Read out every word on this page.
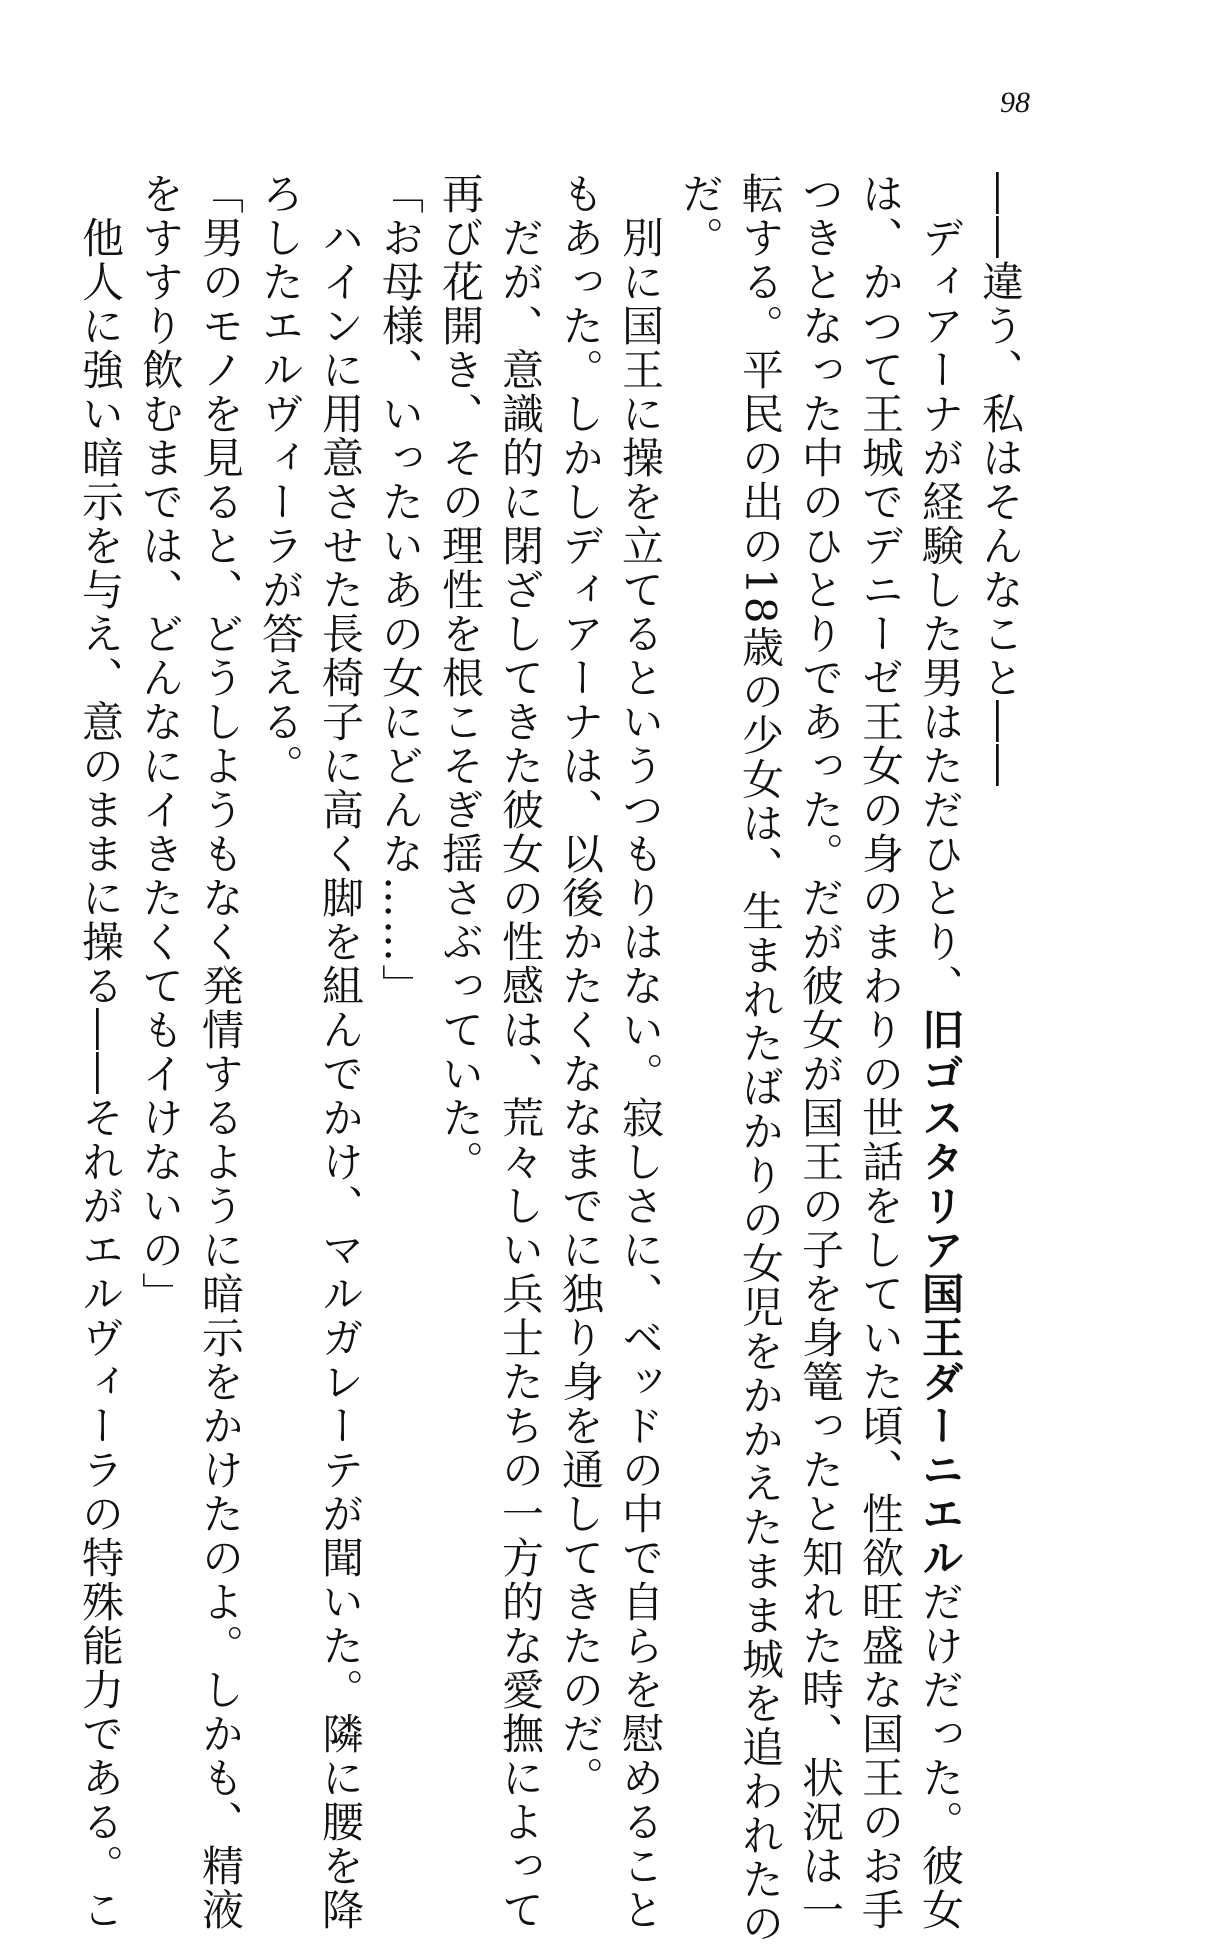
98
――違う、私はそんなこと――
　ディアーナが経験した男はただひとり、旧ゴスタリア国王ダーニエルだけだった。彼女
は、かつて王城でデニーゼ王女の身のまわりの世話をしていた頃、性欲旺盛な国王のお手
つきとなった中のひとりであった。だが彼女が国王の子を身篭ったと知れた時、状況は一
転する。平民の出の18歳の少女は、生まれたばかりの女児をかかえたまま城を追われたの
だ。
　別に国王に操を立てるというつもりはない。寂しさに、ベッドの中で自らを慰めること
もあった。しかしディアーナは、以後かたくななまでに独り身を通してきたのだ。
　だが、意識的に閉ざしてきた彼女の性感は、荒々しい兵士たちの一方的な愛撫によって
再び花開き、その理性を根こそぎ揺さぶっていた。
「お母様、いったいあの女にどんな……」
　ハインに用意させた長椅子に高く脚を組んでかけ、マルガレーテが聞いた。隣に腰を降
ろしたエルヴィーラが答える。
「男のモノを見ると、どうしようもなく発情するように暗示をかけたのよ。しかも、精液
をすすり飲むまでは、どんなにイきたくてもイけないの」
　他人に強い暗示を与え、意のままに操る――それがエルヴィーラの特殊能力である。こ
